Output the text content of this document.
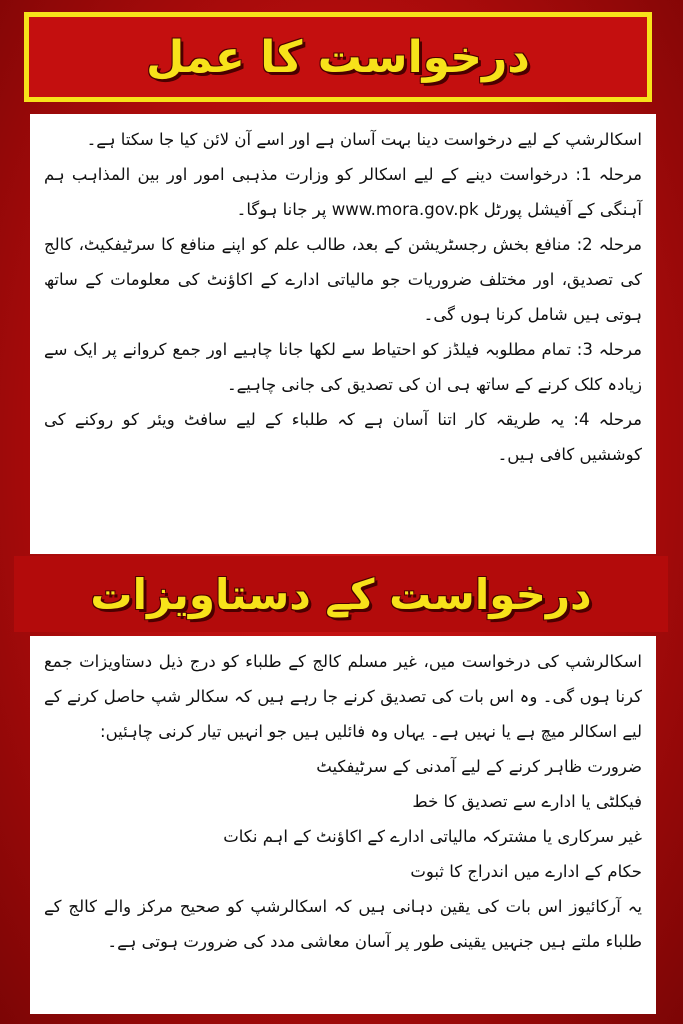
درخواست کا عمل

اسکالرشپ کے لیے درخواست دینا بہت آسان ہے اور اسے آن لائن کیا جا سکتا ہے۔

مرحلہ 1: درخواست دینے کے لیے اسکالر کو وزارت مذہبی امور اور بین المذاہب ہم آہنگی کے آفیشل پورٹل www.mora.gov.pk پر جانا ہوگا۔

مرحلہ 2: منافع بخش رجسٹریشن کے بعد، طالب علم کو اپنے منافع کا سرٹیفکیٹ، کالج کی تصدیق، اور مختلف ضروریات جو مالیاتی ادارے کے اکاؤنٹ کی معلومات کے ساتھ ہوتی ہیں شامل کرنا ہوں گی۔

مرحلہ 3: تمام مطلوبہ فیلڈز کو احتیاط سے لکھا جانا چاہیے اور جمع کروانے پر ایک سے زیادہ کلک کرنے کے ساتھ ہی ان کی تصدیق کی جانی چاہیے۔

مرحلہ 4: یہ طریقہ کار اتنا آسان ہے کہ طلباء کے لیے سافٹ ویئر کو روکنے کی کوششیں کافی ہیں۔

درخواست کے دستاویزات

اسکالرشپ کی درخواست میں، غیر مسلم کالج کے طلباء کو درج ذیل دستاویزات جمع کرنا ہوں گی۔ وہ اس بات کی تصدیق کرنے جا رہے ہیں کہ سکالر شپ حاصل کرنے کے لیے اسکالر میچ ہے یا نہیں ہے۔ یہاں وہ فائلیں ہیں جو انہیں تیار کرنی چاہئیں:

ضرورت ظاہر کرنے کے لیے آمدنی کے سرٹیفکیٹ

فیکلٹی یا ادارے سے تصدیق کا خط

غیر سرکاری یا مشترکہ مالیاتی ادارے کے اکاؤنٹ کے اہم نکات

حکام کے ادارے میں اندراج کا ثبوت

یہ آرکائیوز اس بات کی یقین دہانی ہیں کہ اسکالرشپ کو صحیح مرکز والے کالج کے طلباء ملتے ہیں جنہیں یقینی طور پر آسان معاشی مدد کی ضرورت ہوتی ہے۔
